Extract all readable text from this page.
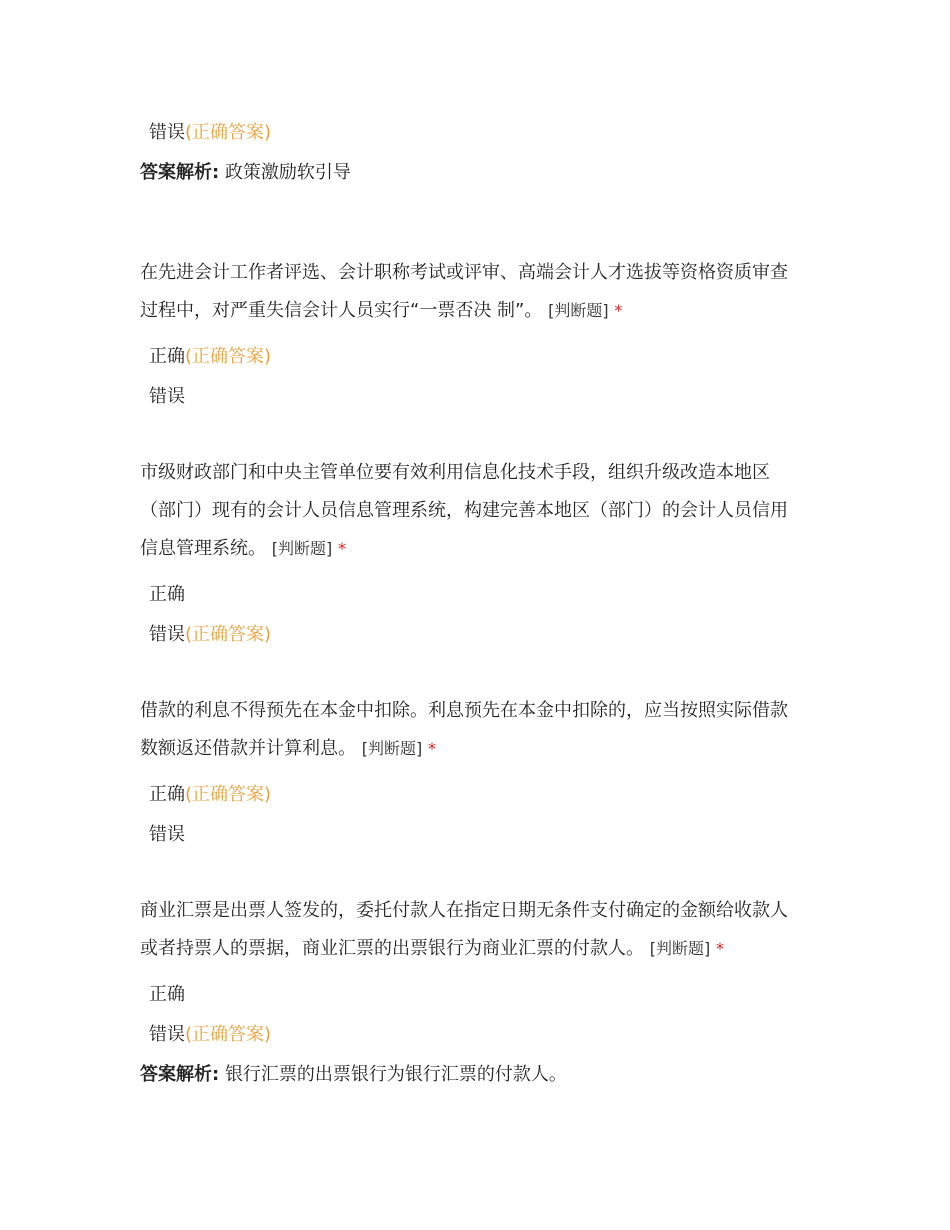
错误(正确答案)
答案解析: 政策激励软引导
在先进会计工作者评选、会计职称考试或评审、高端会计人才选拔等资格资质审查
过程中，对严重失信会计人员实行“一票否决 制”。 [判断题] *
正确(正确答案)
错误
市级财政部门和中央主管单位要有效利用信息化技术手段，组织升级改造本地区
（部门）现有的会计人员信息管理系统，构建完善本地区（部门）的会计人员信用
信息管理系统。 [判断题] *
正确
错误(正确答案)
借款的利息不得预先在本金中扣除。利息预先在本金中扣除的，应当按照实际借款
数额返还借款并计算利息。 [判断题] *
正确(正确答案)
错误
商业汇票是出票人签发的，委托付款人在指定日期无条件支付确定的金额给收款人
或者持票人的票据，商业汇票的出票银行为商业汇票的付款人。 [判断题] *
正确
错误(正确答案)
答案解析: 银行汇票的出票银行为银行汇票的付款人。
